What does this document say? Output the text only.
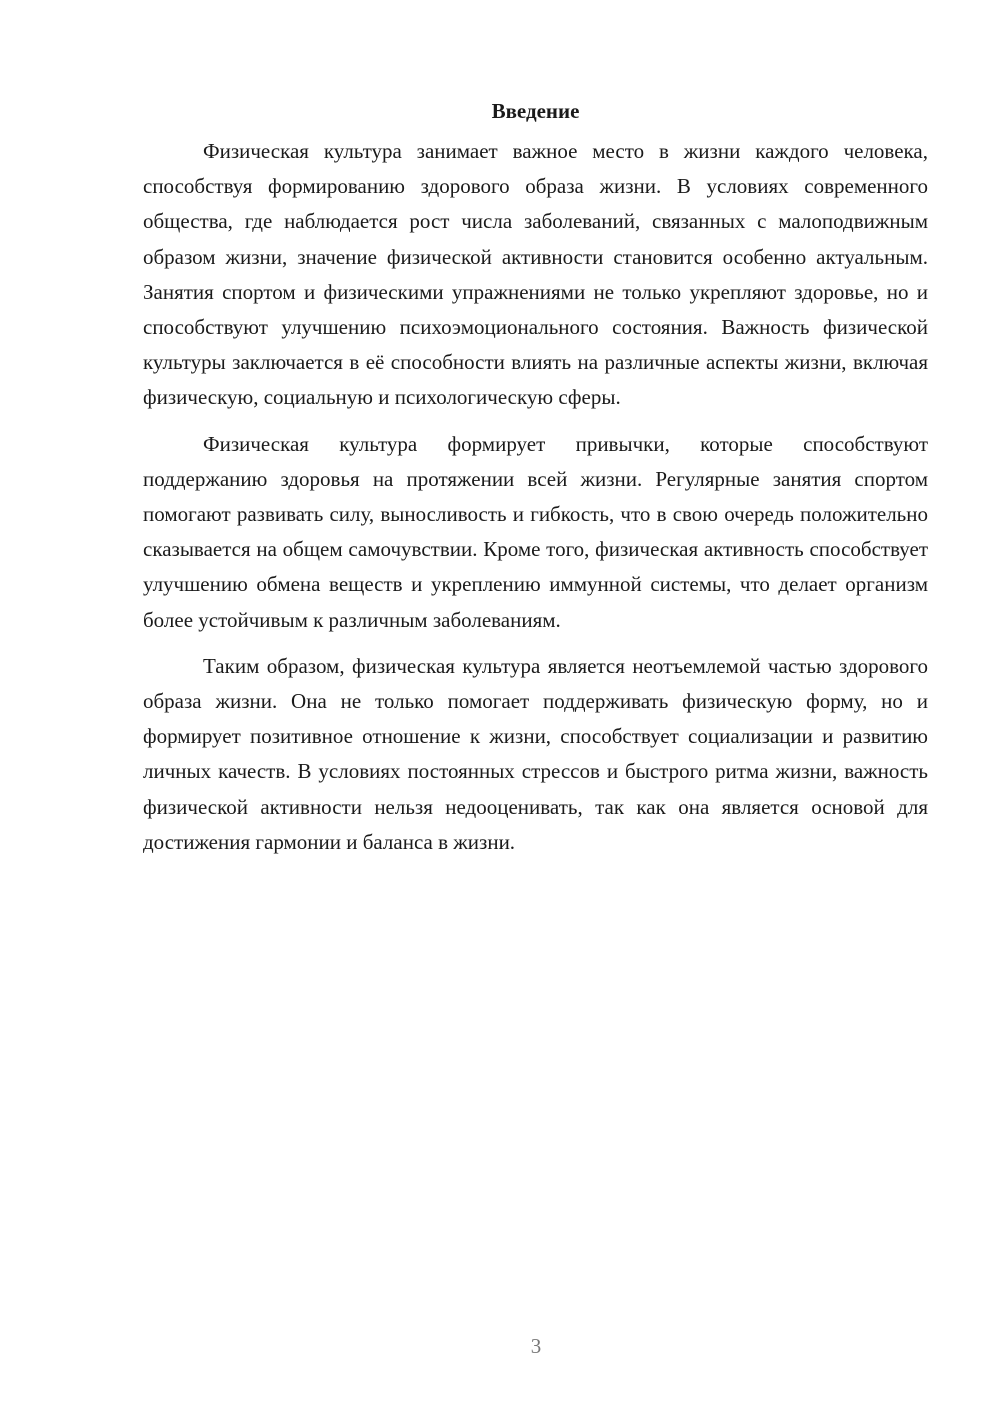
Введение

Физическая культура занимает важное место в жизни каждого человека, способствуя формированию здорового образа жизни. В условиях современного общества, где наблюдается рост числа заболеваний, связанных с малоподвижным образом жизни, значение физической активности становится особенно актуальным. Занятия спортом и физическими упражнениями не только укрепляют здоровье, но и способствуют улучшению психоэмоционального состояния. Важность физической культуры заключается в её способности влиять на различные аспекты жизни, включая физическую, социальную и психологическую сферы.

Физическая культура формирует привычки, которые способствуют поддержанию здоровья на протяжении всей жизни. Регулярные занятия спортом помогают развивать силу, выносливость и гибкость, что в свою очередь положительно сказывается на общем самочувствии. Кроме того, физическая активность способствует улучшению обмена веществ и укреплению иммунной системы, что делает организм более устойчивым к различным заболеваниям.

Таким образом, физическая культура является неотъемлемой частью здорового образа жизни. Она не только помогает поддерживать физическую форму, но и формирует позитивное отношение к жизни, способствует социализации и развитию личных качеств. В условиях постоянных стрессов и быстрого ритма жизни, важность физической активности нельзя недооценивать, так как она является основой для достижения гармонии и баланса в жизни.

3
